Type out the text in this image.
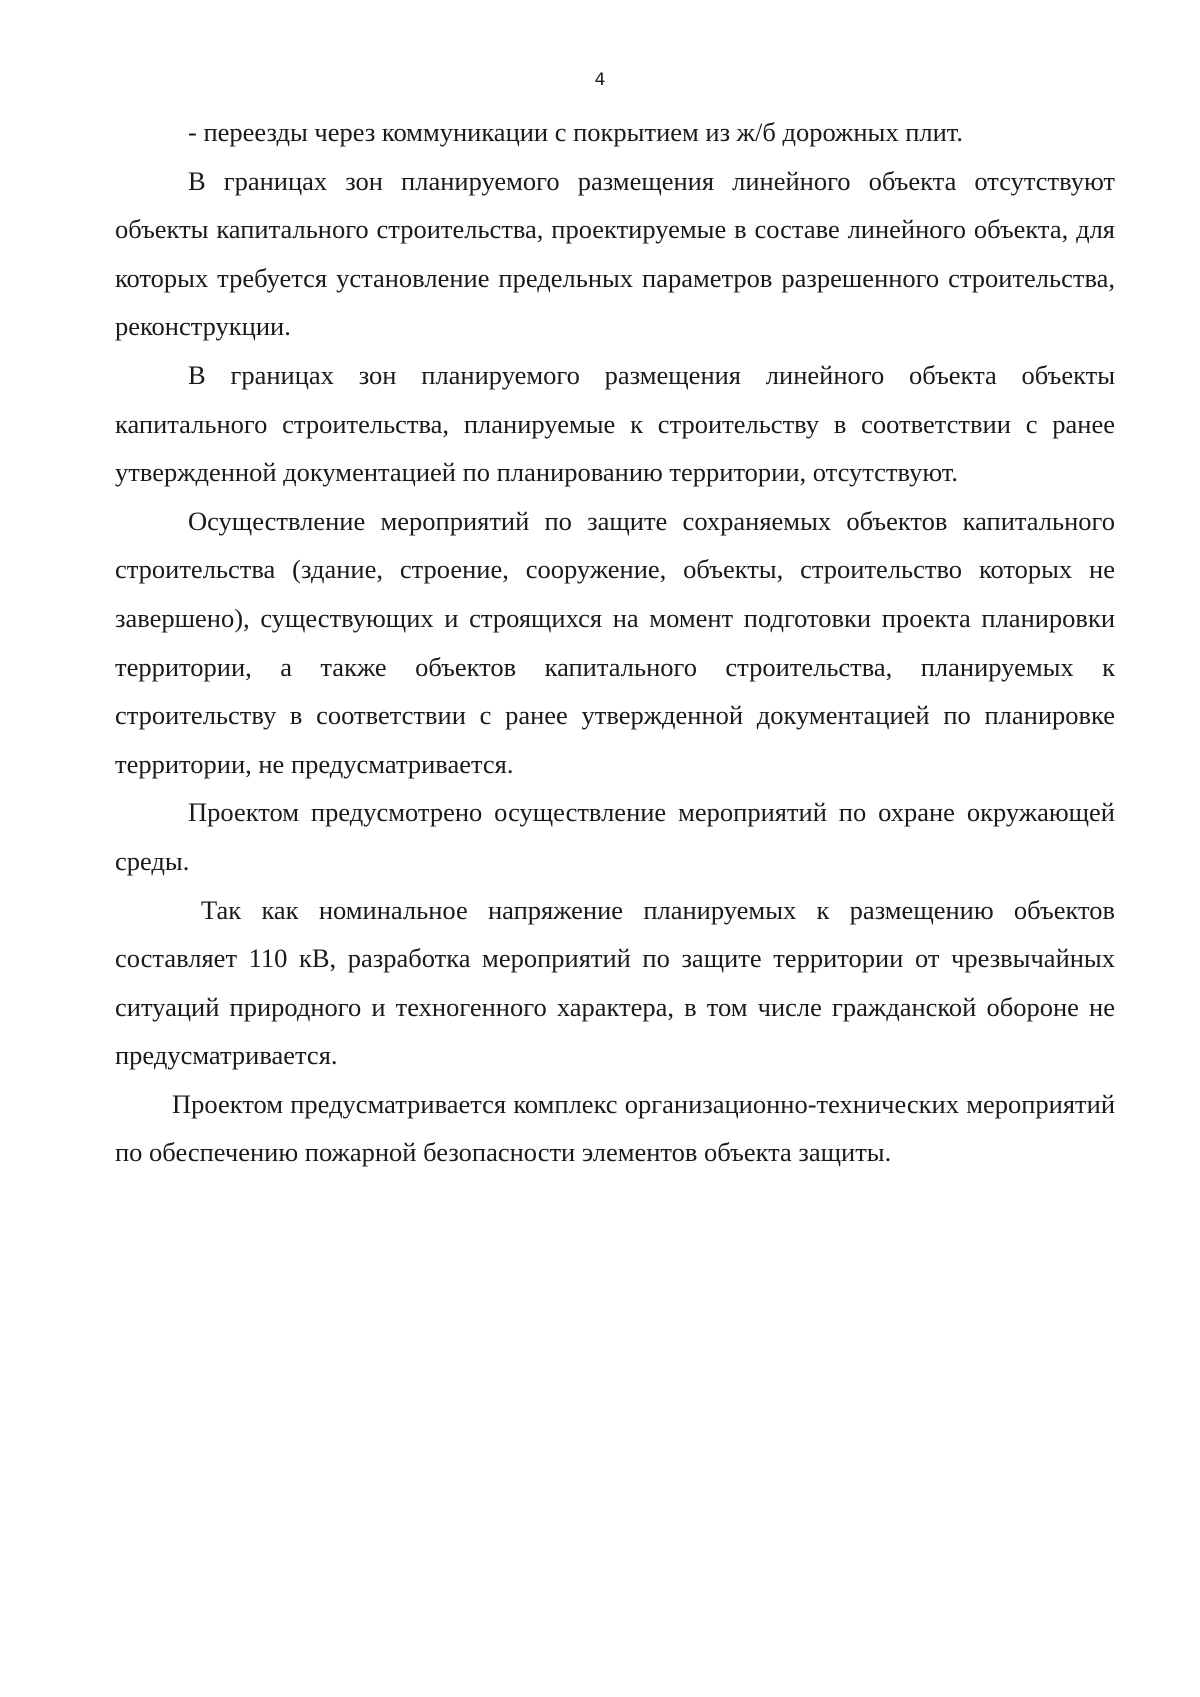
4

- переезды через коммуникации с покрытием из ж/б дорожных плит.

В границах зон планируемого размещения линейного объекта отсутствуют объекты капитального строительства, проектируемые в составе линейного объекта, для которых требуется установление предельных параметров разрешенного строительства, реконструкции.

В границах зон планируемого размещения линейного объекта объекты капитального строительства, планируемые к строительству в соответствии с ранее утвержденной документацией по планированию территории, отсутствуют.

Осуществление мероприятий по защите сохраняемых объектов капитального строительства (здание, строение, сооружение, объекты, строительство которых не завершено), существующих и строящихся на момент подготовки проекта планировки территории, а также объектов капитального строительства, планируемых к строительству в соответствии с ранее утвержденной документацией по планировке территории, не предусматривается.

Проектом предусмотрено осуществление мероприятий по охране окружающей среды.

Так как номинальное напряжение планируемых к размещению объектов составляет 110 кВ, разработка мероприятий по защите территории от чрезвычайных ситуаций природного и техногенного характера, в том числе гражданской обороне не предусматривается.

Проектом предусматривается комплекс организационно-технических мероприятий по обеспечению пожарной безопасности элементов объекта защиты.
